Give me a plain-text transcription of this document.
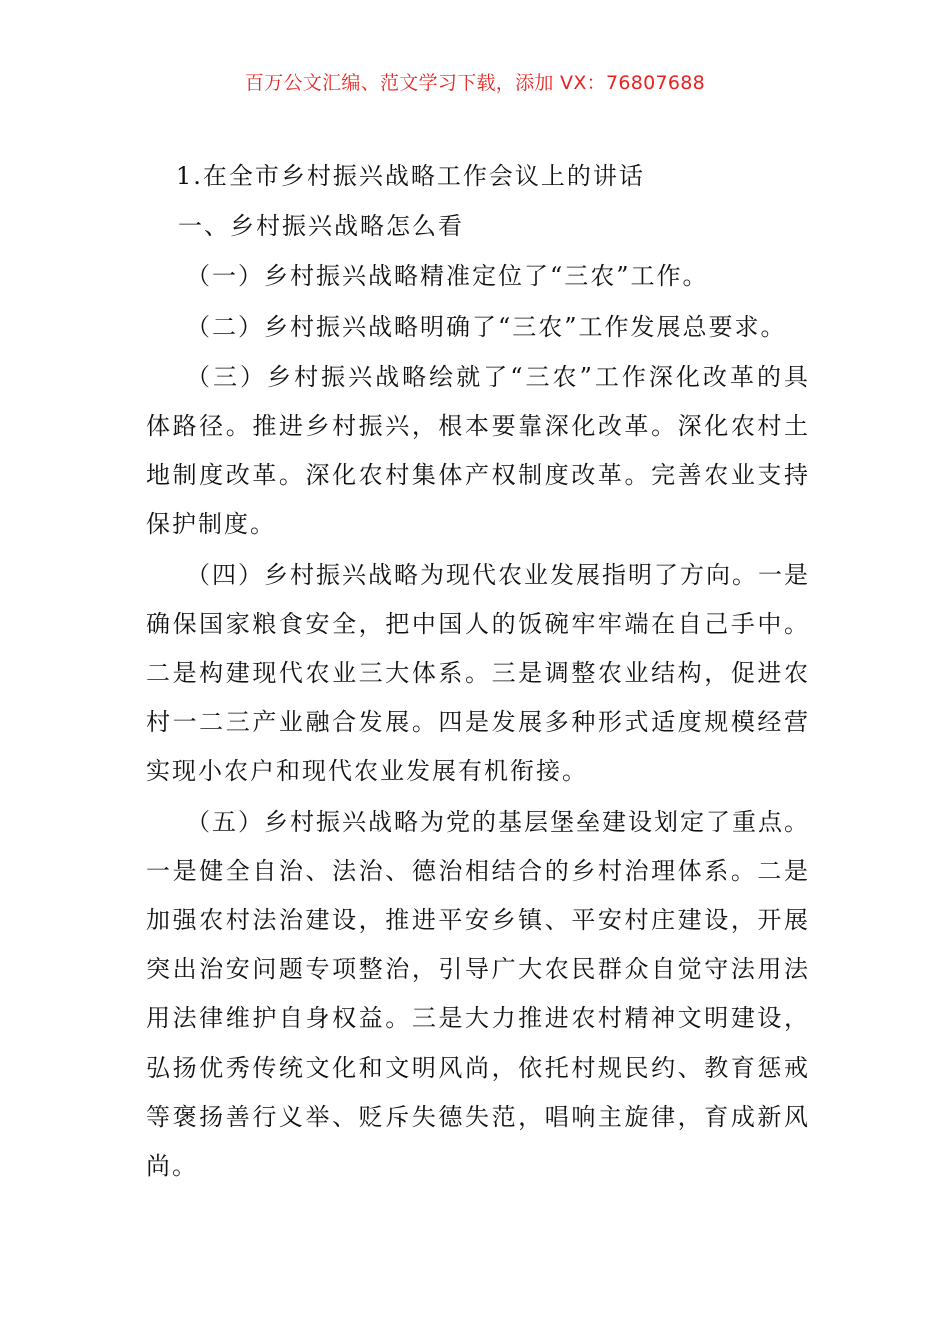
百万公文汇编、范文学习下载，添加 VX：76807688

1.在全市乡村振兴战略工作会议上的讲话

一、乡村振兴战略怎么看

（一）乡村振兴战略精准定位了“三农”工作。

（二）乡村振兴战略明确了“三农”工作发展总要求。

（三）乡村振兴战略绘就了“三农”工作深化改革的具体路径。推进乡村振兴，根本要靠深化改革。深化农村土地制度改革。深化农村集体产权制度改革。完善农业支持保护制度。

（四）乡村振兴战略为现代农业发展指明了方向。一是确保国家粮食安全，把中国人的饭碗牢牢端在自己手中。二是构建现代农业三大体系。三是调整农业结构，促进农村一二三产业融合发展。四是发展多种形式适度规模经营实现小农户和现代农业发展有机衔接。

（五）乡村振兴战略为党的基层堡垒建设划定了重点。一是健全自治、法治、德治相结合的乡村治理体系。二是加强农村法治建设，推进平安乡镇、平安村庄建设，开展突出治安问题专项整治，引导广大农民群众自觉守法用法用法律维护自身权益。三是大力推进农村精神文明建设，弘扬优秀传统文化和文明风尚，依托村规民约、教育惩戒等褒扬善行义举、贬斥失德失范，唱响主旋律，育成新风尚。
